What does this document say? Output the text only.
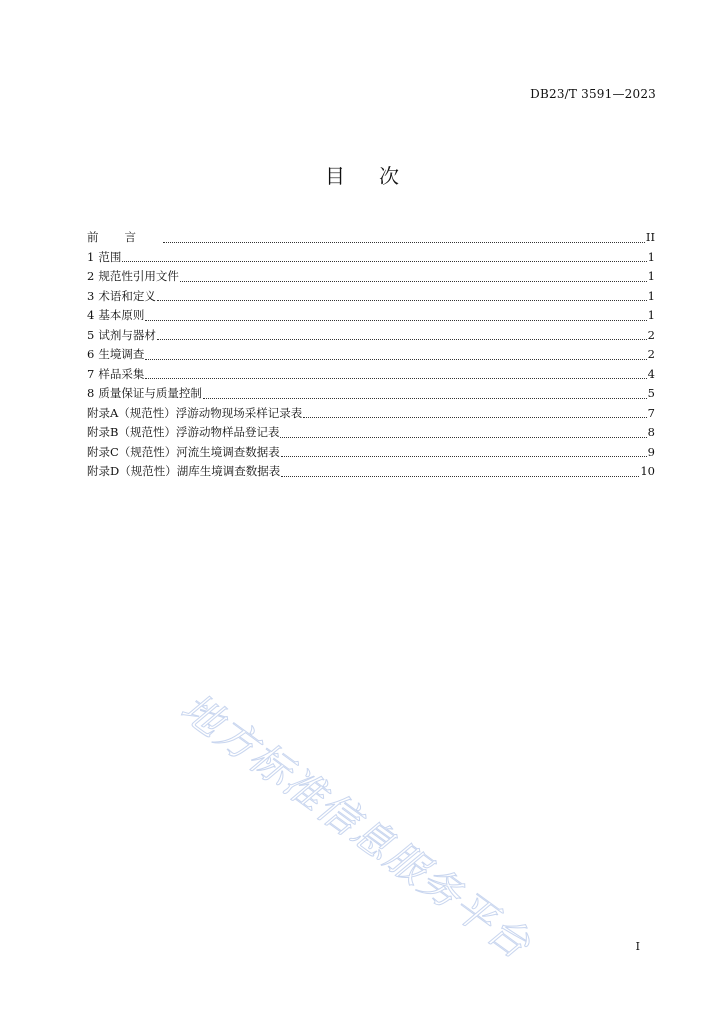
DB23/T 3591—2023
目次
前言	II
1 范围	1
2 规范性引用文件	1
3 术语和定义	1
4 基本原则	1
5 试剂与器材	2
6 生境调查	2
7 样品采集	4
8 质量保证与质量控制	5
附录A（规范性）浮游动物现场采样记录表	7
附录B（规范性）浮游动物样品登记表	8
附录C（规范性）河流生境调查数据表	9
附录D（规范性）湖库生境调查数据表	10
地方标准信息服务平台	I
